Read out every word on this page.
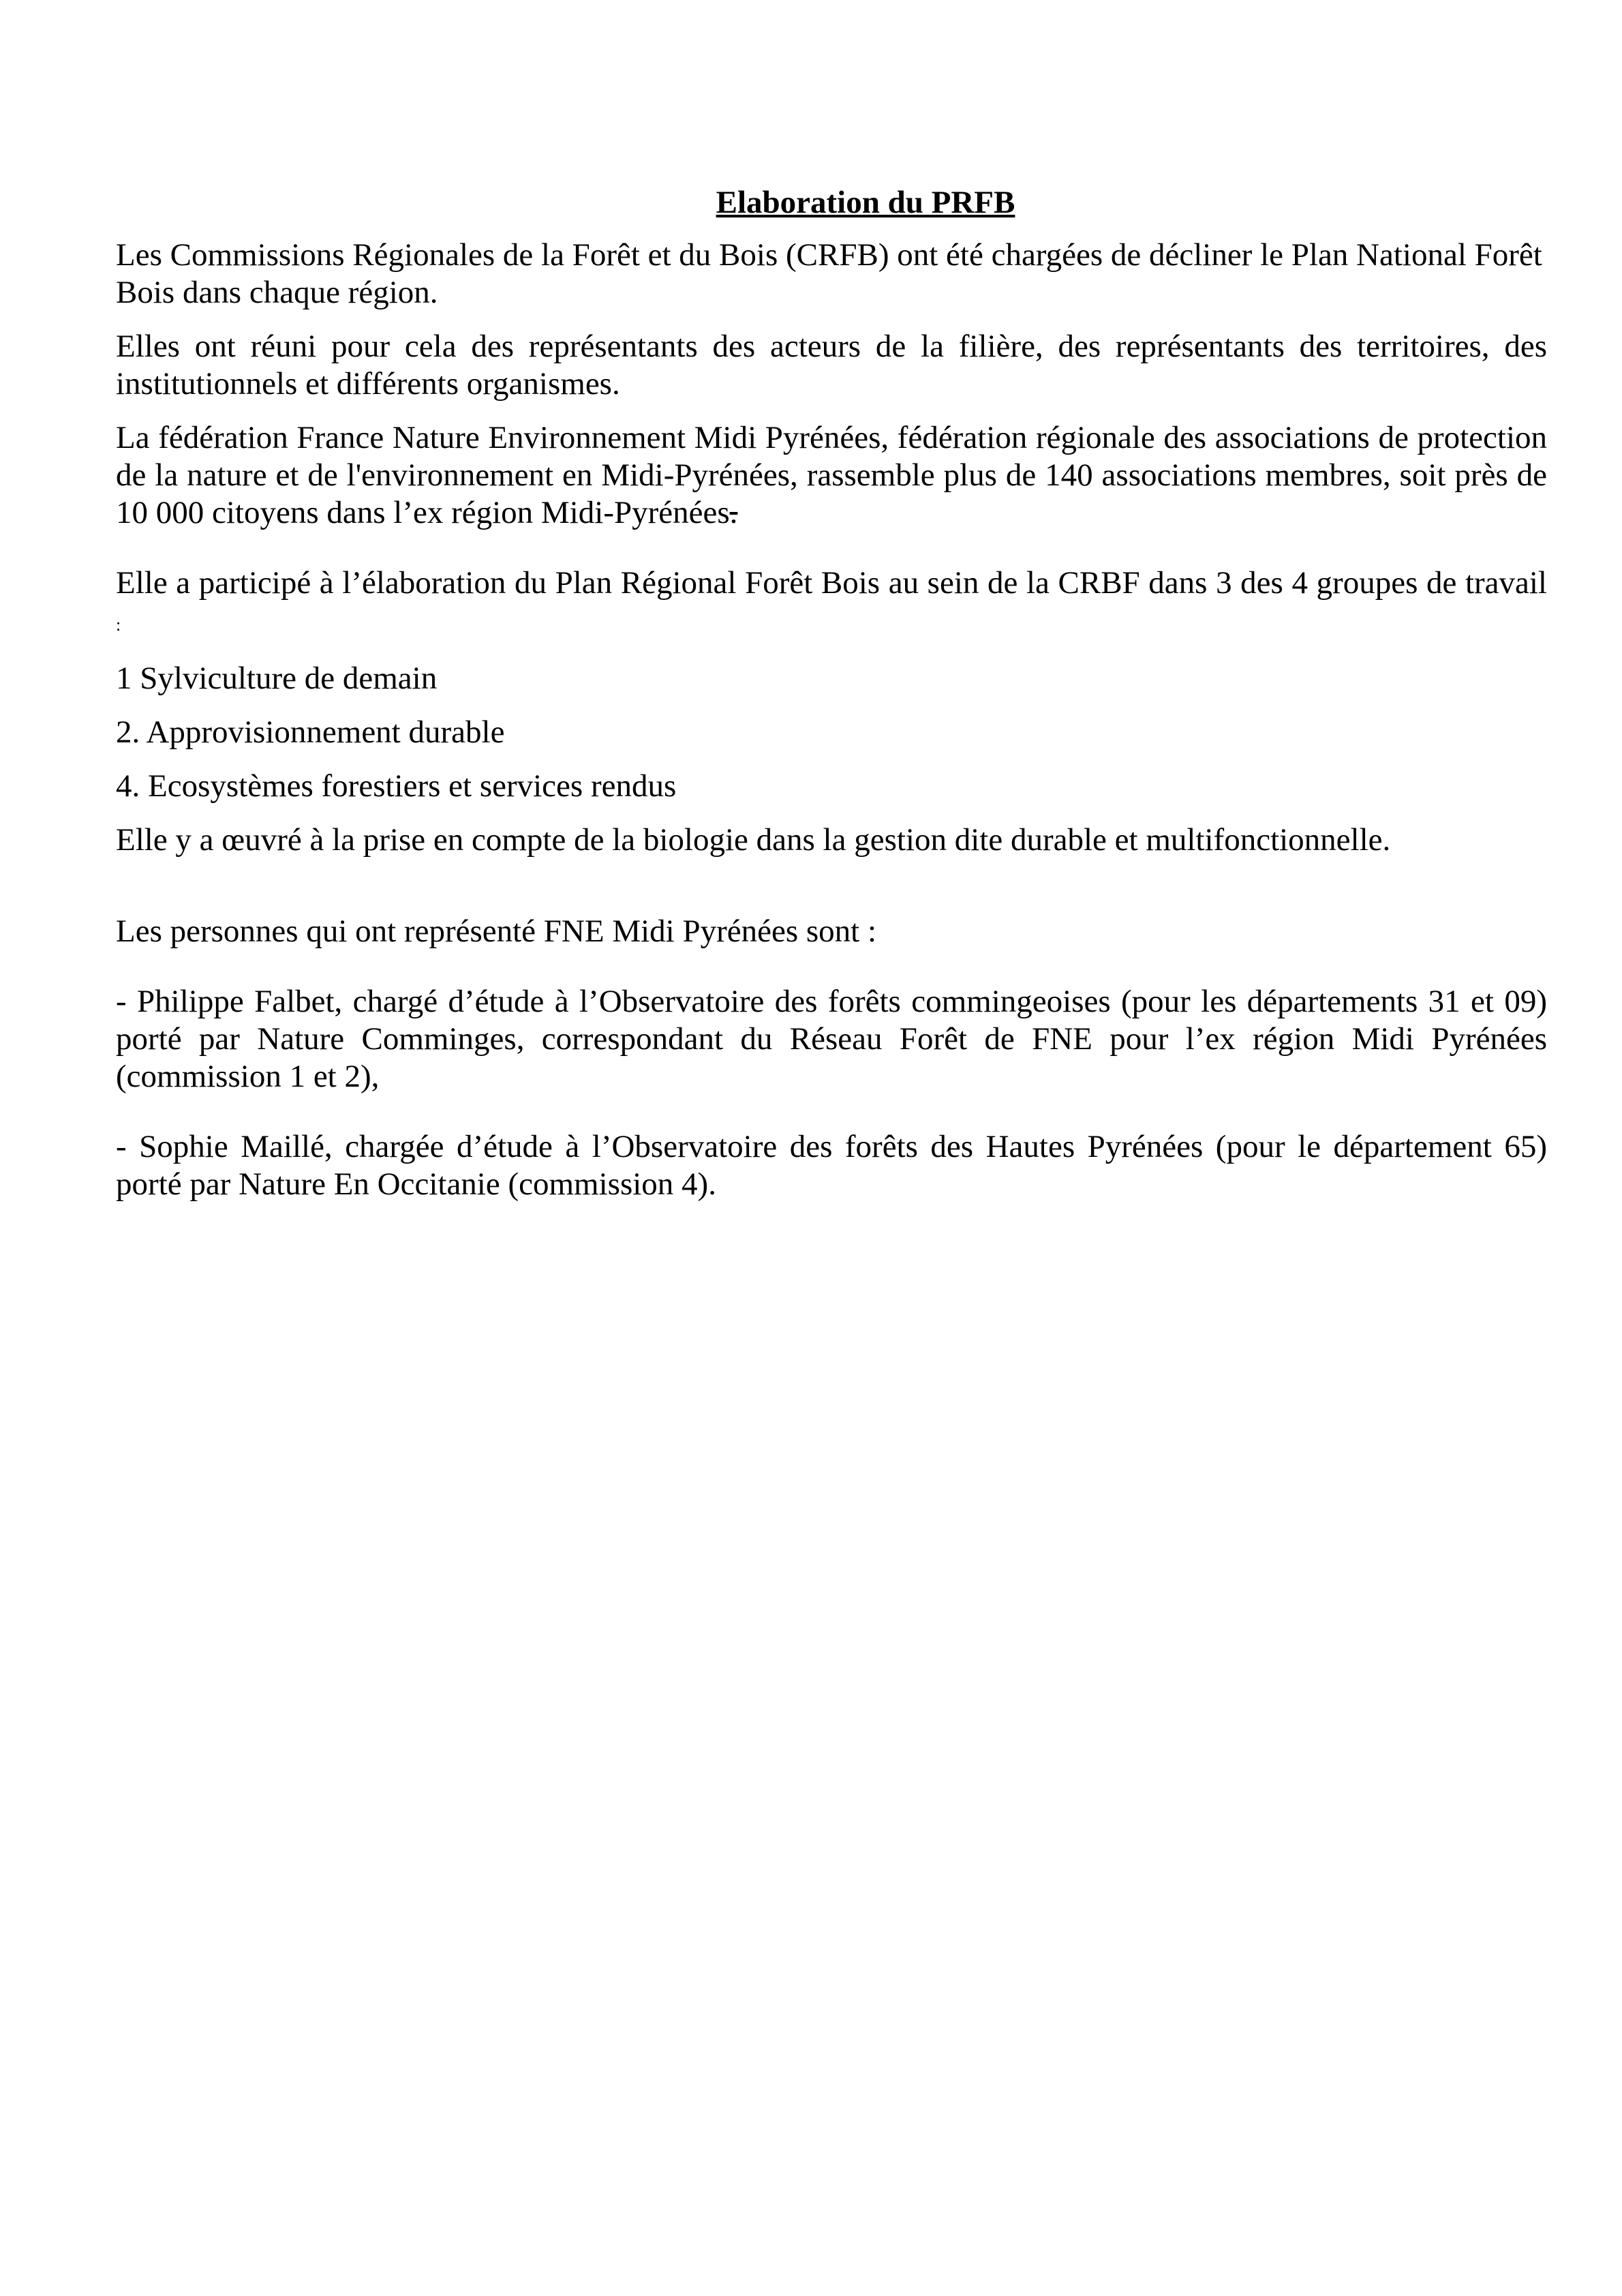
Elaboration du PRFB

Les Commissions Régionales de la Forêt et du Bois (CRFB) ont été chargées de décliner le Plan National Forêt Bois dans chaque région.

Elles ont réuni pour cela des représentants des acteurs de la filière, des représentants des territoires, des institutionnels et différents organismes.

La fédération France Nature Environnement Midi Pyrénées, fédération régionale des associations de protection de la nature et de l'environnement en Midi-Pyrénées, rassemble plus de 140 associations membres, soit près de 10 000 citoyens dans l’ex région Midi-Pyrénées.

Elle a participé à l’élaboration du Plan Régional Forêt Bois au sein de la CRBF dans 3 des 4 groupes de travail :

1 Sylviculture de demain

2. Approvisionnement durable

4. Ecosystèmes forestiers et services rendus

Elle y a œuvré à la prise en compte de la biologie dans la gestion dite durable et multifonctionnelle.

Les personnes qui ont représenté FNE Midi Pyrénées sont :

- Philippe Falbet, chargé d’étude à l’Observatoire des forêts commingeoises (pour les départements 31 et 09) porté par Nature Comminges, correspondant du Réseau Forêt de FNE pour l’ex région Midi Pyrénées (commission 1 et 2),

- Sophie Maillé, chargée d’étude à l’Observatoire des forêts des Hautes Pyrénées (pour le département 65) porté par Nature En Occitanie (commission 4).
